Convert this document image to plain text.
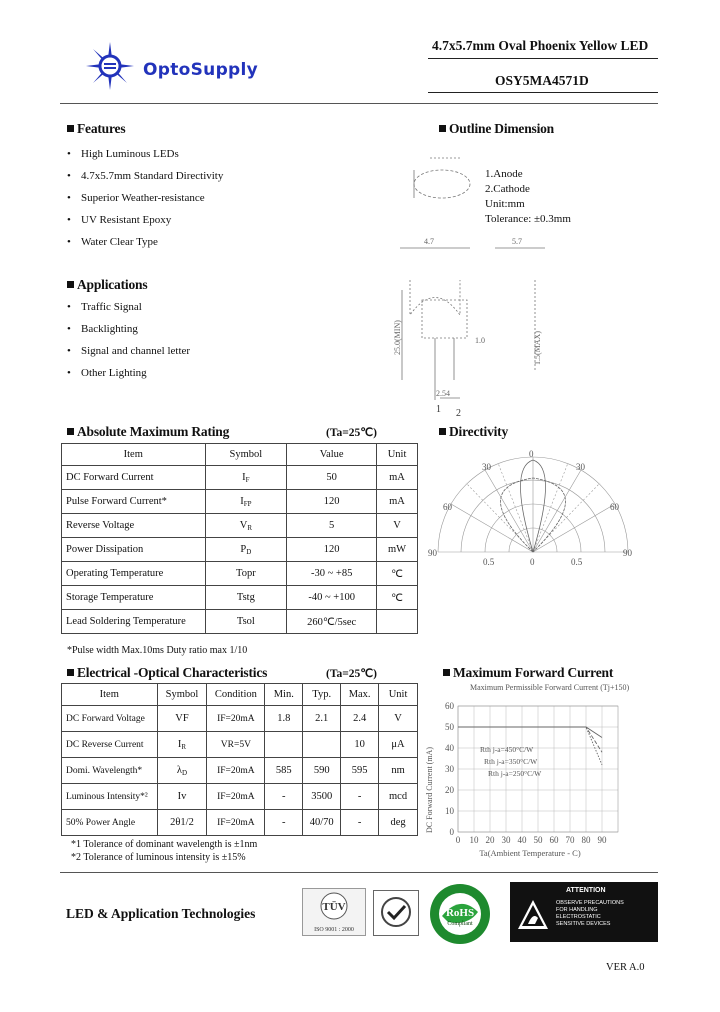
OptoSupply
4.7x5.7mm Oval Phoenix Yellow LED
OSY5MA4571D
Features
• High Luminous LEDs
• 4.7x5.7mm Standard Directivity
• Superior Weather-resistance
• UV Resistant Epoxy
• Water Clear Type
Applications
• Traffic Signal
• Backlighting
• Signal and channel letter
• Other Lighting
Outline Dimension
4.7	5.7
1.0
2.54
25.0(MIN)	1.5(MAX)
1 2
1.Anode
2.Cathode
Unit:mm
Tolerance: ±0.3mm
Absolute Maximum Rating	(Ta=25℃)
Item	Symbol	Value	Unit
DC Forward Current	$I_F$	50	mA
Pulse Forward Current*	$I_{FP}$	120	mA
Reverse Voltage	$V_R$	5	V
Power Dissipation	$P_D$	120	mW
Operating Temperature	Topr	-30 ~ +85	℃
Storage Temperature	Tstg	-40 ~ +100	℃
Lead Soldering Temperature	Tsol	260℃/5sec	
*Pulse width Max.10ms Duty ratio max 1/10
Directivity
30
0
30
60	60
90	90
0.5	0	0.5
Electrical -Optical Characteristics	(Ta=25℃)
Item	Symbol	Condition	Min.	Typ.	Max.	Unit
DC Forward Voltage	VF	IF=20mA	1.8	2.1	2.4	V
DC Reverse Current	$I_R$	VR=5V			10	μA
Domi. Wavelength*	$\lambda_D$	IF=20mA	585	590	595	nm
Luminous Intensity*²	Iv	IF=20mA	-	3500	-	mcd
50% Power Angle	2θ1/2	IF=20mA	-	40/70	-	deg
*1 Tolerance of dominant wavelength is ±1nm
*2 Tolerance of luminous intensity is ±15%
Maximum Forward Current
Maximum Permissible Forward Current (Tj+150)
0
10
20
30
40
50
60
0 10 20 30 40 50 60 70 80 90
Rth j-a=450°C/W
Rth j-a=350°C/W
Rth j-a=250°C/W
DC Forward Current (mA)
Ta(Ambient Temperature - C)
LED & Application Technologies	TÜV
ISO 9001 : 2000
RoHS
Compliant
ATTENTION
OBSERVE PRECAUTIONS
FOR HANDLING
ELECTROSTATIC
SENSITIVE DEVICES
VER A.0
